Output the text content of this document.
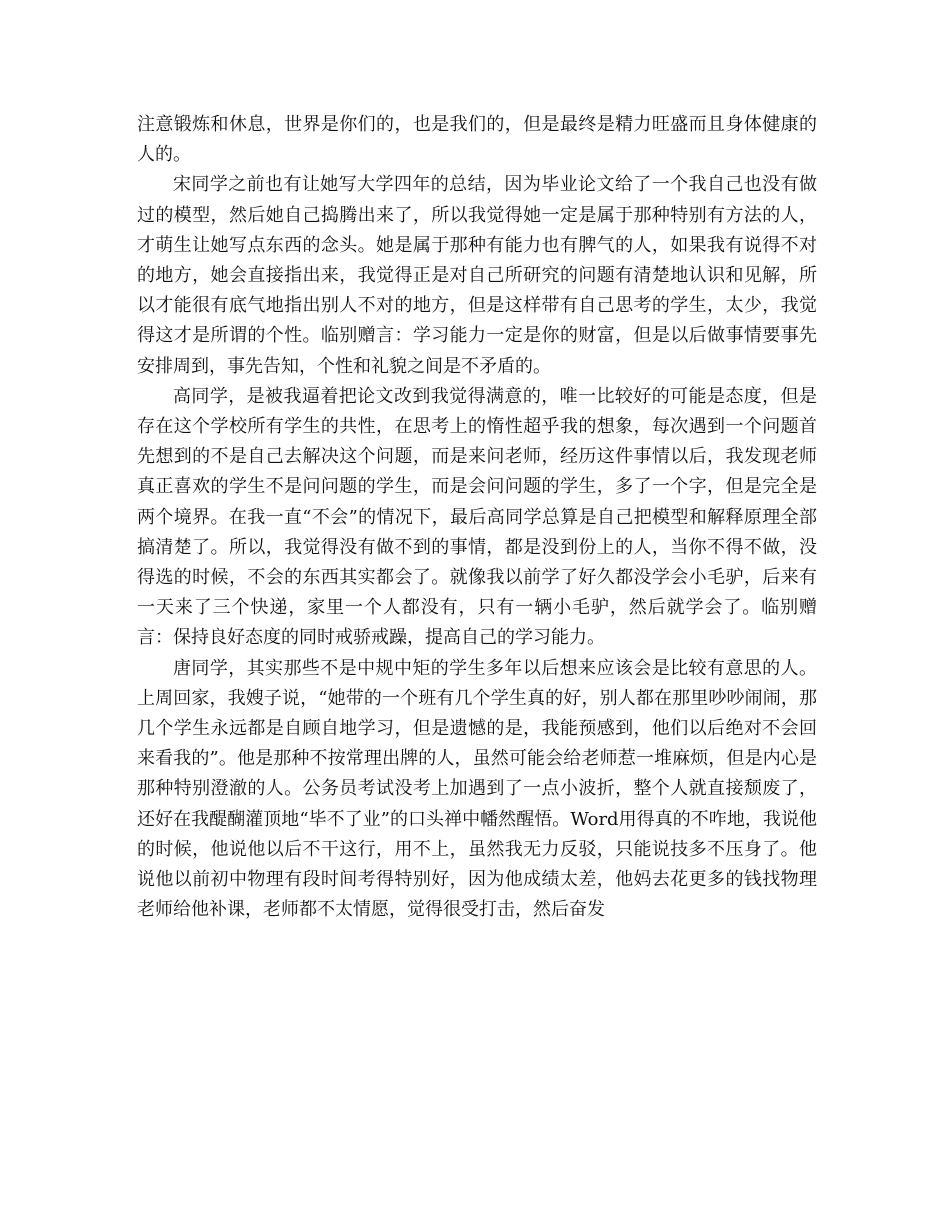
注意锻炼和休息，世界是你们的，也是我们的，但是最终是精力旺盛而且身体健康的人的。

宋同学之前也有让她写大学四年的总结，因为毕业论文给了一个我自己也没有做过的模型，然后她自己捣腾出来了，所以我觉得她一定是属于那种特别有方法的人，才萌生让她写点东西的念头。她是属于那种有能力也有脾气的人，如果我有说得不对的地方，她会直接指出来，我觉得正是对自己所研究的问题有清楚地认识和见解，所以才能很有底气地指出别人不对的地方，但是这样带有自己思考的学生，太少，我觉得这才是所谓的个性。临别赠言：学习能力一定是你的财富，但是以后做事情要事先安排周到，事先告知，个性和礼貌之间是不矛盾的。

高同学，是被我逼着把论文改到我觉得满意的，唯一比较好的可能是态度，但是存在这个学校所有学生的共性，在思考上的惰性超乎我的想象，每次遇到一个问题首先想到的不是自己去解决这个问题，而是来问老师，经历这件事情以后，我发现老师真正喜欢的学生不是问问题的学生，而是会问问题的学生，多了一个字，但是完全是两个境界。在我一直“不会”的情况下，最后高同学总算是自己把模型和解释原理全部搞清楚了。所以，我觉得没有做不到的事情，都是没到份上的人，当你不得不做，没得选的时候，不会的东西其实都会了。就像我以前学了好久都没学会小毛驴，后来有一天来了三个快递，家里一个人都没有，只有一辆小毛驴，然后就学会了。临别赠言：保持良好态度的同时戒骄戒躁，提高自己的学习能力。

唐同学，其实那些不是中规中矩的学生多年以后想来应该会是比较有意思的人。上周回家，我嫂子说，“她带的一个班有几个学生真的好，别人都在那里吵吵闹闹，那几个学生永远都是自顾自地学习，但是遗憾的是，我能预感到，他们以后绝对不会回来看我的”。他是那种不按常理出牌的人，虽然可能会给老师惹一堆麻烦，但是内心是那种特别澄澈的人。公务员考试没考上加遇到了一点小波折，整个人就直接颓废了，还好在我醍醐灌顶地“毕不了业”的口头禅中幡然醒悟。Word用得真的不咋地，我说他的时候，他说他以后不干这行，用不上，虽然我无力反驳，只能说技多不压身了。他说他以前初中物理有段时间考得特别好，因为他成绩太差，他妈去花更多的钱找物理老师给他补课，老师都不太情愿，觉得很受打击，然后奋发
